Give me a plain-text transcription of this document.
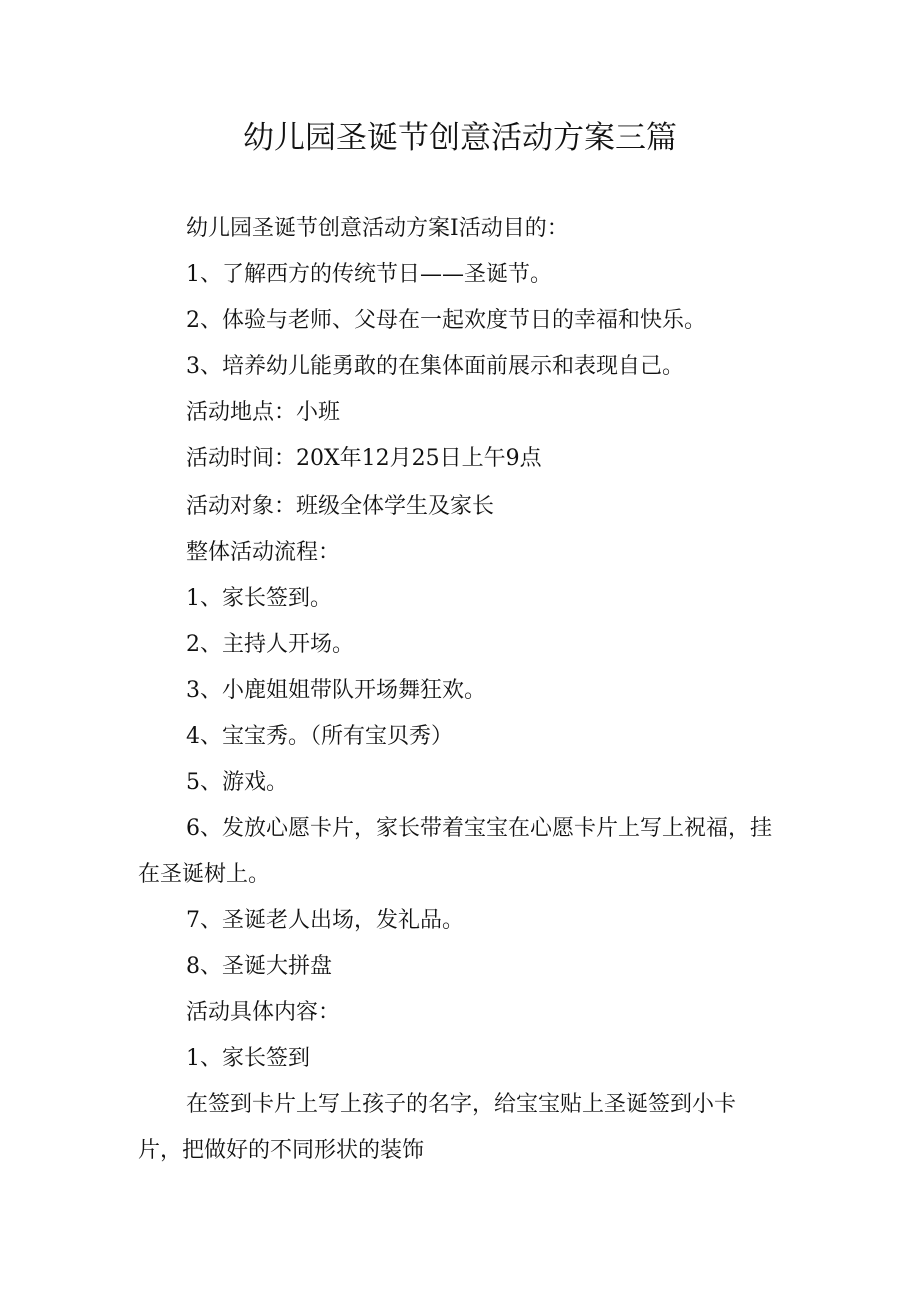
幼儿园圣诞节创意活动方案三篇

幼儿园圣诞节创意活动方案I活动目的：

1、了解西方的传统节日——圣诞节。

2、体验与老师、父母在一起欢度节日的幸福和快乐。

3、培养幼儿能勇敢的在集体面前展示和表现自己。

活动地点：小班

活动时间：20X年12月25日上午9点

活动对象：班级全体学生及家长

整体活动流程：

1、家长签到。

2、主持人开场。

3、小鹿姐姐带队开场舞狂欢。

4、宝宝秀。（所有宝贝秀）

5、游戏。

6、发放心愿卡片，家长带着宝宝在心愿卡片上写上祝福，挂在圣诞树上。

7、圣诞老人出场，发礼品。

8、圣诞大拼盘

活动具体内容：

1、家长签到

在签到卡片上写上孩子的名字，给宝宝贴上圣诞签到小卡片，把做好的不同形状的装饰
